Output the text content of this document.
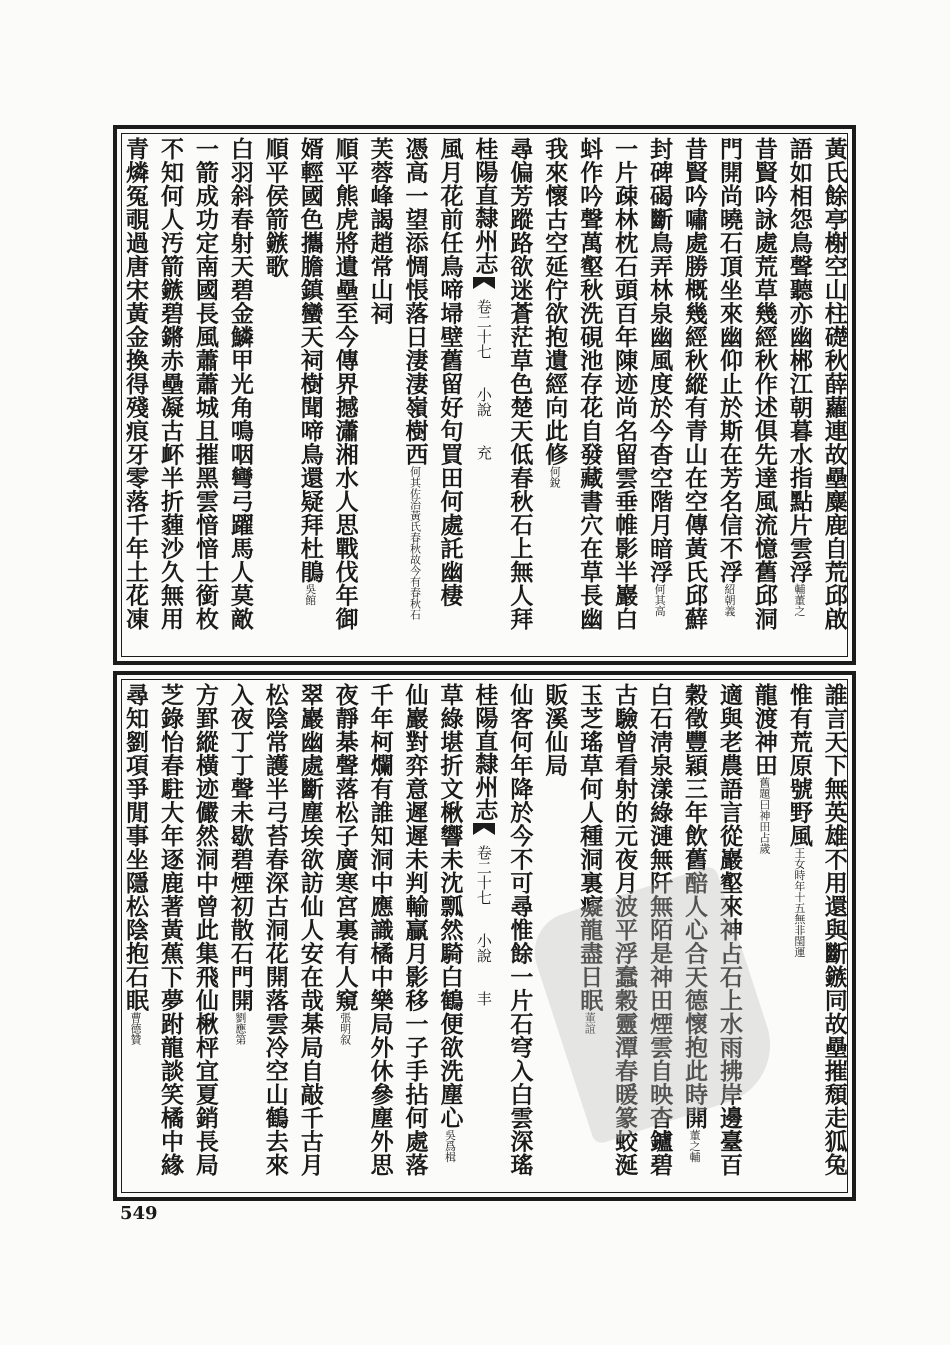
黃氏餘亭榭空山柱礎秋薛蘿連故壘麋鹿自荒邱啟
語如相怨鳥聲聽亦幽郴江朝暮水指點片雲浮輔董之
昔賢吟詠處荒草幾經秋作述俱先達風流憶舊邱洞
門開尚曉石頂坐來幽仰止於斯在芳名信不浮紹朝義
昔賢吟嘯處勝概幾經秋縱有青山在空傳黃氏邱蘚
封碑碣斷鳥弄林泉幽風度於今杳空階月暗浮何其高
一片疎林枕石頭百年陳迹尚名留雲垂帷影半巖白
蚪作吟聲萬壑秋洗硯池存花自發藏書穴在草長幽
我來懷古空延佇欲抱遺經向此修何銳
尋偏芳蹤路欲迷蒼茫草色楚天低春秋石上無人拜
桂陽直隸州志
卷二十七
小說
充
風月花前任鳥啼埽壁舊留好句買田何處託幽棲
憑高一望添惆悵落日淒淒嶺樹西何其佐治黃氏春秋故今有春秋石
芙蓉峰謁趙常山祠
順平熊虎將遺壘至今傳界撼瀟湘水人思戰伐年御
婿輕國色攜膽鎮蠻天祠樹聞啼鳥還疑拜杜鵑吳館
順平侯箭鏃歌
白羽斜春射天碧金鱗甲光角鳴咽彎弓躍馬人莫敵
一箭成功定南國長風蕭蕭城且摧黑雲愔愔士銜枚
不知何人汚箭鏃碧鏘赤壘凝古衃半折薶沙久無用
青燐冤覗過唐宋黃金換得殘痕牙零落千年土花凍
誰言天下無英雄不用還與斷鏃同故壘摧頹走狐兔
惟有荒原號野風王女時年十五無非閨運
龍渡神田舊題曰神田占歲
適與老農語言從巖壑來神占石上水雨拂岸邊臺百
穀徵豐穎三年飲舊醅人心合天德懷抱此時開董之輔
白石淸泉漾綠漣無阡無陌是神田煙雲自映杳鑪碧
古驗曾看射的元夜月波平浮蠢穀靈潭春暖篆蛟涎
玉芝瑤草何人種洞裏癡龍盡日眠董誼
販溪仙局
仙客何年降於今不可尋惟餘一片石穹入白雲深瑤
桂陽直隸州志
卷二十七
小說
丰
草綠堪折文楸響未沈瓢然騎白鶴便欲洗塵心吳爲楫
仙巖對弈意遲遲未判輸贏月影移一子手拈何處落
千年柯爛有誰知洞中應識橘中樂局外休參塵外思
夜靜棊聲落松子廣寒宮裏有人窺張明叙
翠巖幽處斷塵埃欲訪仙人安在哉棊局自敲千古月
松陰常護半弓苔春深古洞花開落雲冷空山鶴去來
入夜丁丁聲未歇碧煙初散石門開劉應第
方罫縱橫迹儼然洞中曾此集飛仙楸枰宜夏銷長局
芝錄怡春駐大年逐鹿著黃蕉下夢跗龍談笑橘中緣
尋知劉項爭閒事坐隱松陰抱石眠曹德贊
549
